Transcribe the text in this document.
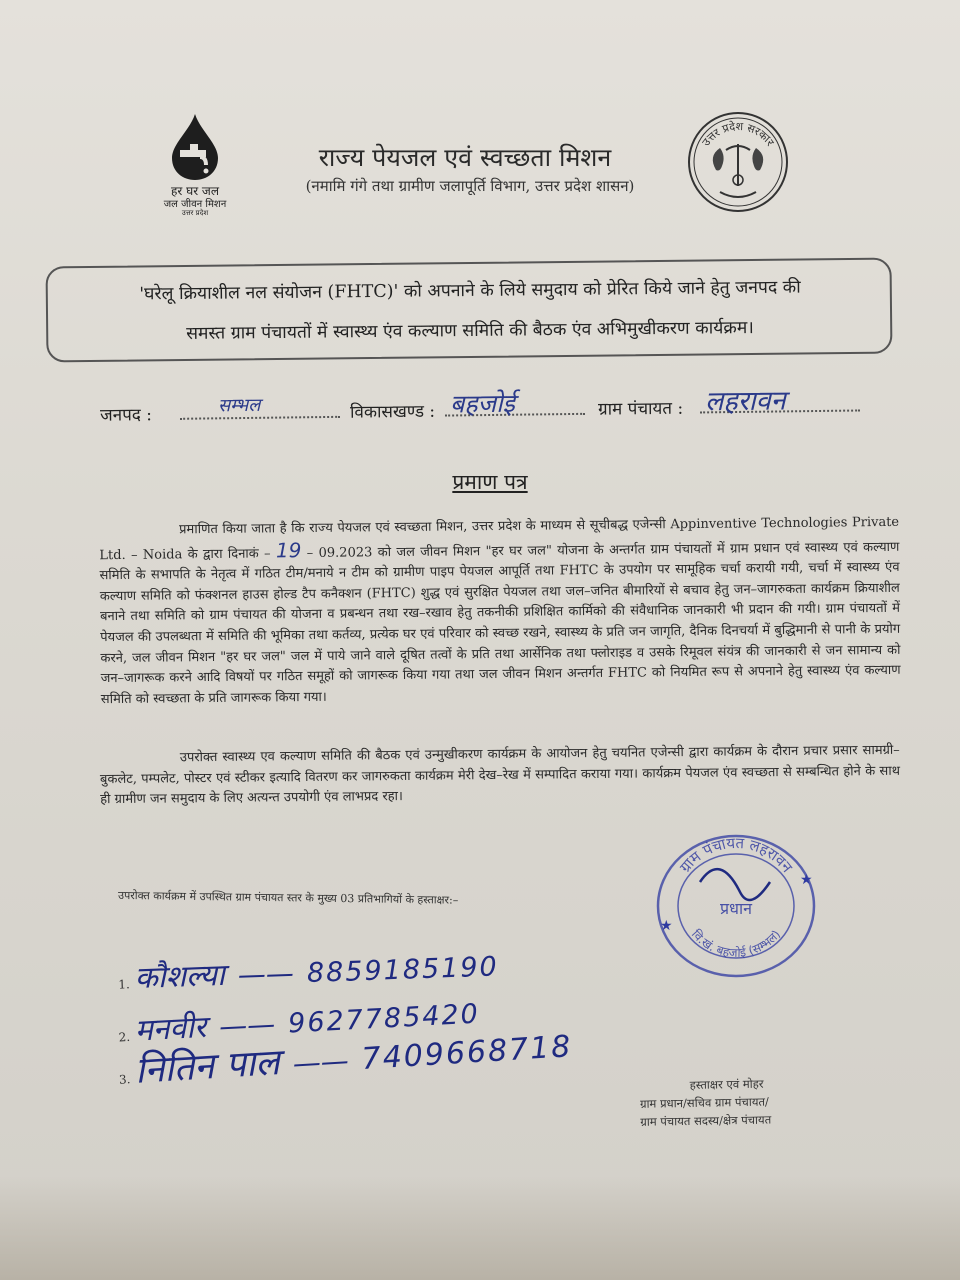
हर घर जल
जल जीवन मिशन
उत्तर प्रदेश
राज्य पेयजल एवं स्वच्छता मिशन
(नमामि गंगे तथा ग्रामीण जलापूर्ति विभाग, उत्तर प्रदेश शासन)
उत्तर प्रदेश सरकार
'घरेलू क्रियाशील नल संयोजन (FHTC)' को अपनाने के लिये समुदाय को प्रेरित किये जाने हेतु जनपद की
समस्त ग्राम पंचायतों में स्वास्थ्य एंव कल्याण समिति की बैठक एंव अभिमुखीकरण कार्यक्रम।
जनपद :	सम्भल	विकासखण्ड : बहजोई	ग्राम पंचायत : लहरावन
प्रमाण पत्र
प्रमाणित किया जाता है कि राज्य पेयजल एवं स्वच्छता मिशन, उत्तर प्रदेश के माध्यम से सूचीबद्ध एजेन्सी Appinventive Technologies Private Ltd. – Noida के द्वारा दिनाकं – 19 – 09.2023 को जल जीवन मिशन "हर घर जल" योजना के अन्तर्गत ग्राम पंचायतों में ग्राम प्रधान एवं स्वास्थ्य एवं कल्याण समिति के सभापति के नेतृत्व में गठित टीम/मनाये न टीम को ग्रामीण पाइप पेयजल आपूर्ति तथा FHTC के उपयोग पर सामूहिक चर्चा करायी गयी, चर्चा में स्वास्थ्य एंव कल्याण समिति को फंक्शनल हाउस होल्ड टैप कनैक्शन (FHTC) शुद्ध एवं सुरक्षित पेयजल तथा जल–जनित बीमारियों से बचाव हेतु जन–जागरुकता कार्यक्रम क्रियाशील बनाने तथा समिति को ग्राम पंचायत की योजना व प्रबन्धन तथा रख–रखाव हेतु तकनीकी प्रशिक्षित कार्मिको की संवैधानिक जानकारी भी प्रदान की गयी। ग्राम पंचायतों में पेयजल की उपलब्धता में समिति की भूमिका तथा कर्तव्य, प्रत्येक घर एवं परिवार को स्वच्छ रखने, स्वास्थ्य के प्रति जन जागृति, दैनिक दिनचर्या में बुद्धिमानी से पानी के प्रयोग करने, जल जीवन मिशन "हर घर जल" जल में पाये जाने वाले दूषित तत्वों के प्रति तथा आर्सेनिक तथा फ्लोराइड व उसके रिमूवल संयंत्र की जानकारी से जन सामान्य को जन–जागरूक करने आदि विषयों पर गठित समूहों को जागरूक किया गया तथा जल जीवन मिशन अन्तर्गत FHTC को नियमित रूप से अपनाने हेतु स्वास्थ्य एंव कल्याण समिति को स्वच्छता के प्रति जागरूक किया गया।
उपरोक्त स्वास्थ्य एव कल्याण समिति की बैठक एवं उन्मुखीकरण कार्यक्रम के आयोजन हेतु चयनित एजेन्सी द्वारा कार्यक्रम के दौरान प्रचार प्रसार सामग्री–बुकलेट, पम्पलेट, पोस्टर एवं स्टीकर इत्यादि वितरण कर जागरुकता कार्यक्रम मेरी देख–रेख में सम्पादित कराया गया। कार्यक्रम पेयजल एंव स्वच्छता से सम्बन्धित होने के साथ ही ग्रामीण जन समुदाय के लिए अत्यन्त उपयोगी एंव लाभप्रद रहा।
ग्राम पंचायत लहरावन
वि.खं. बहजोई (सम्भल)
प्रधान
★
★
उपरोक्त कार्यक्रम में उपस्थित ग्राम पंचायत स्तर के मुख्य 03 प्रतिभागियों के हस्ताक्षर:–
1. कौशल्या —— 8859185190
2. मनवीर —— 9627785420
3. नितिन पाल —— 7409668718
हस्ताक्षर एवं मोहर
ग्राम प्रधान/सचिव ग्राम पंचायत/
ग्राम पंचायत सदस्य/क्षेत्र पंचायत
